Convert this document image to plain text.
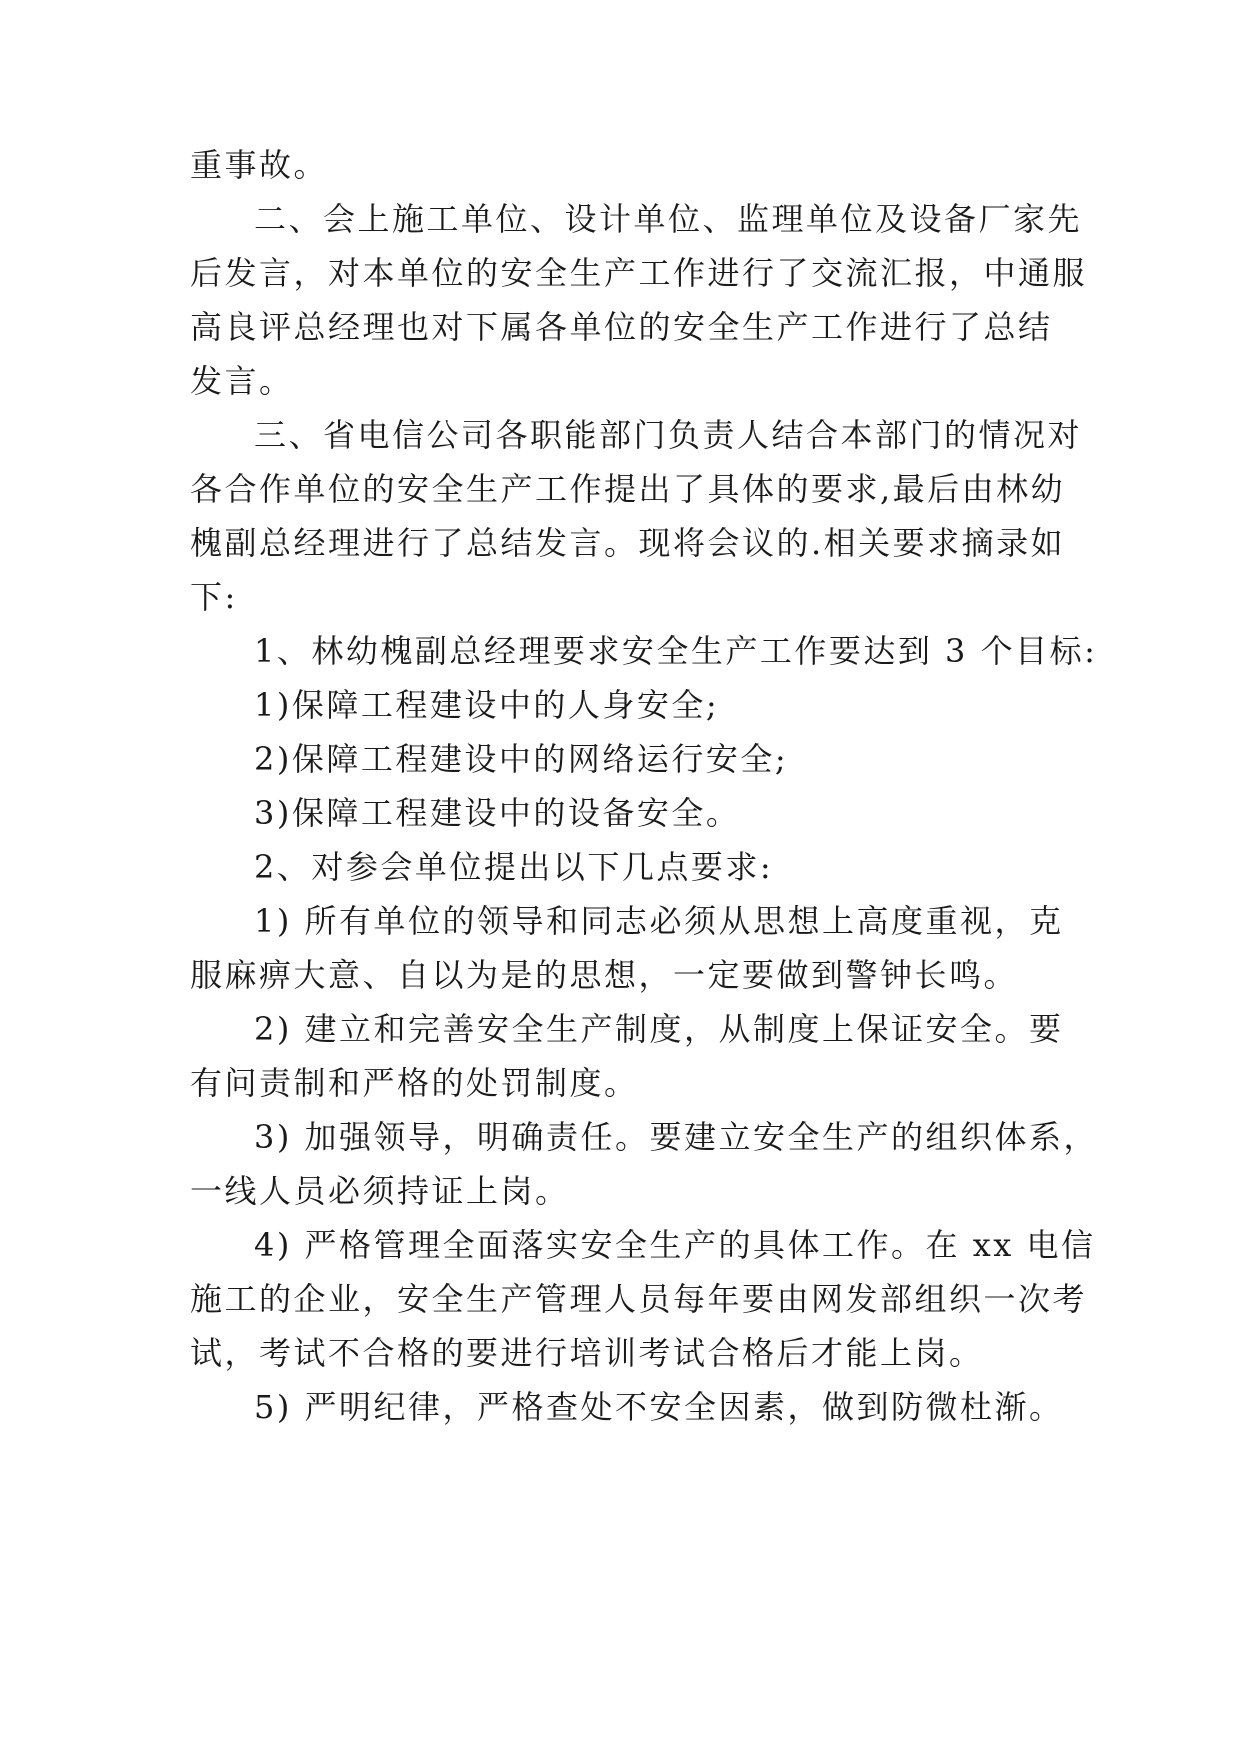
重事故。
二、会上施工单位、设计单位、监理单位及设备厂家先
后发言，对本单位的安全生产工作进行了交流汇报，中通服
高良评总经理也对下属各单位的安全生产工作进行了总结
发言。
三、省电信公司各职能部门负责人结合本部门的情况对
各合作单位的安全生产工作提出了具体的要求,最后由林幼
槐副总经理进行了总结发言。现将会议的.相关要求摘录如
下:
1、林幼槐副总经理要求安全生产工作要达到 3 个目标:
1)保障工程建设中的人身安全;
2)保障工程建设中的网络运行安全;
3)保障工程建设中的设备安全。
2、对参会单位提出以下几点要求:
1) 所有单位的领导和同志必须从思想上高度重视，克
服麻痹大意、自以为是的思想，一定要做到警钟长鸣。
2) 建立和完善安全生产制度，从制度上保证安全。要
有问责制和严格的处罚制度。
3) 加强领导，明确责任。要建立安全生产的组织体系，
一线人员必须持证上岗。
4) 严格管理全面落实安全生产的具体工作。在 xx 电信
施工的企业，安全生产管理人员每年要由网发部组织一次考
试，考试不合格的要进行培训考试合格后才能上岗。
5) 严明纪律，严格查处不安全因素，做到防微杜渐。
